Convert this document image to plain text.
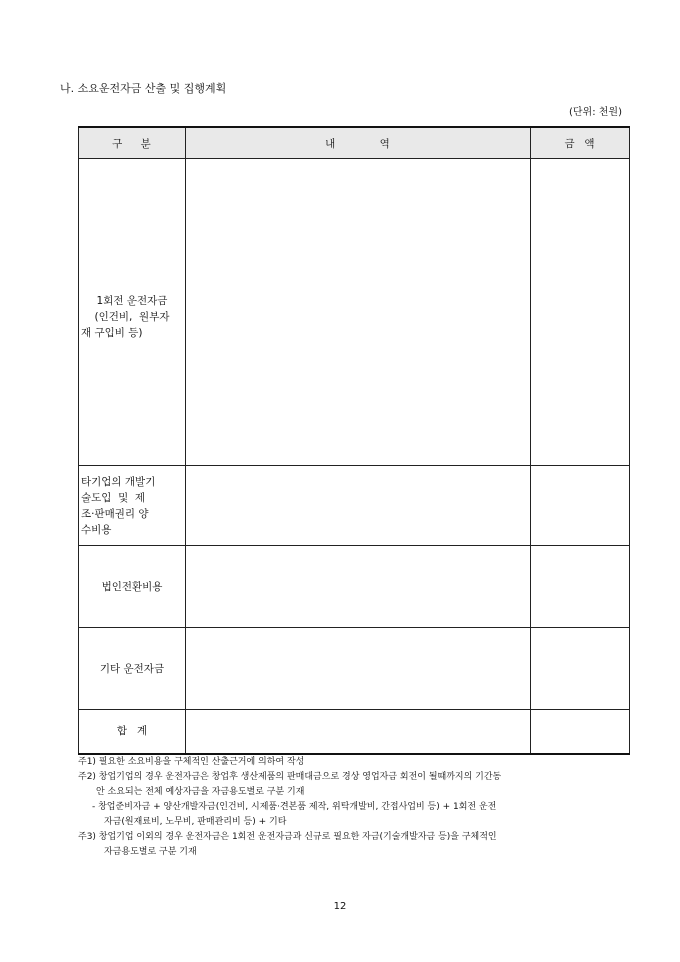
나. 소요운전자금 산출 및 집행계획
(단위: 천원)
구    분	내          역	금  액

1회전 운전자금
(인건비,  원부자
재 구입비 등)		

타기업의 개발기
술도입  및  제
조·판매권리 양
수비용		

법인전환비용		

기타 운전자금		

합   계		

주1) 필요한 소요비용을 구체적인 산출근거에 의하여 작성
주2) 창업기업의 경우 운전자금은 창업후 생산제품의 판매대금으로 경상 영업자금 회전이 될때까지의 기간동
안 소요되는 전체 예상자금을 자금용도별로 구분 기재
- 창업준비자금 + 양산개발자금(인건비, 시제품·견본품 제작, 위탁개발비, 간접사업비 등) + 1회전 운전
자금(원재료비, 노무비, 판매관리비 등) + 기타
주3) 창업기업 이외의 경우 운전자금은 1회전 운전자금과 신규로 필요한 자금(기술개발자금 등)을 구체적인
자금용도별로 구분 기재
12
